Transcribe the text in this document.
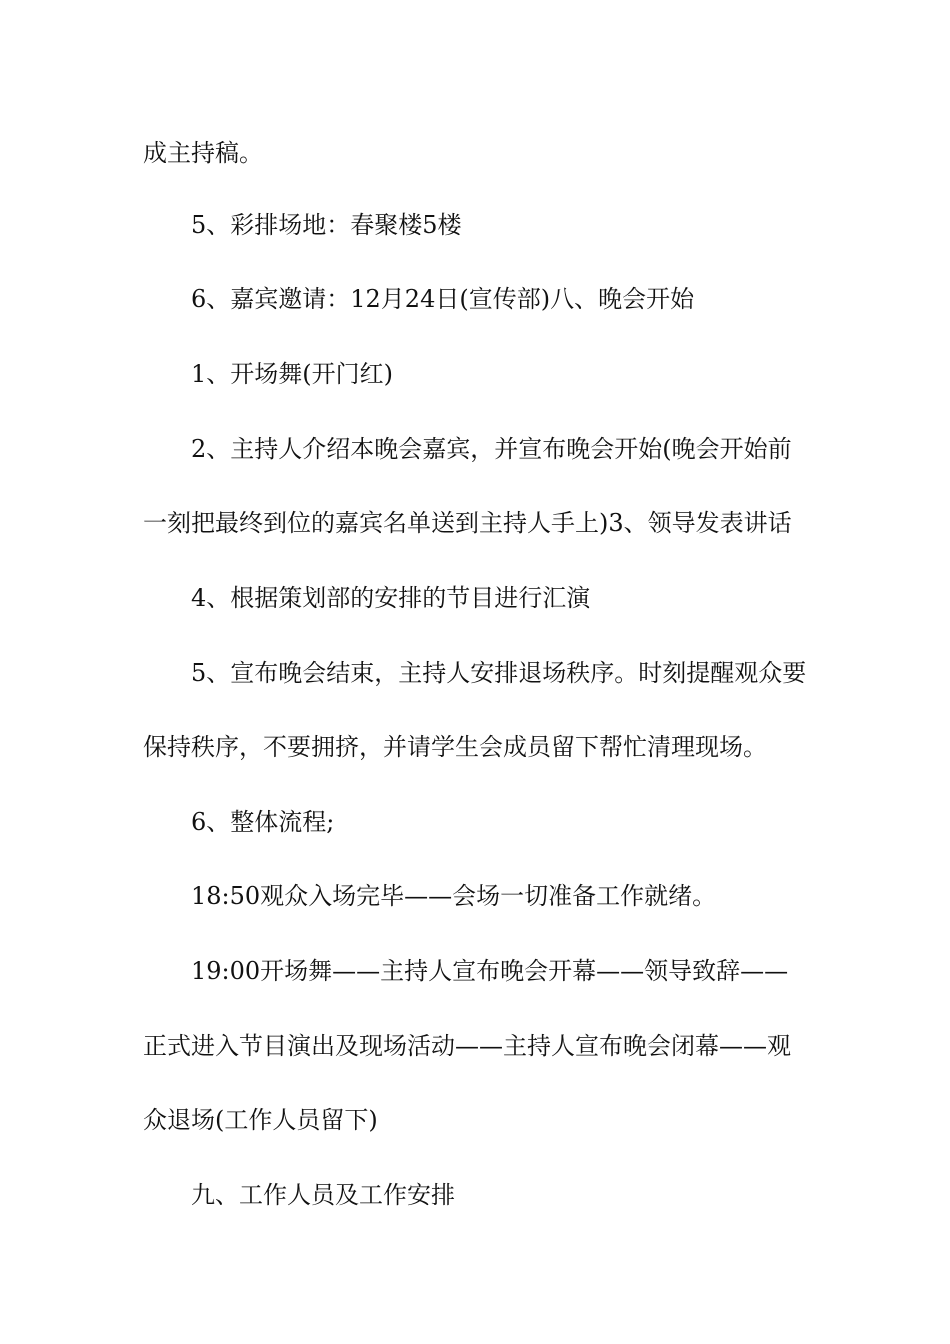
成主持稿。
5、彩排场地：春聚楼5楼
6、嘉宾邀请：12月24日(宣传部)八、晚会开始
1、开场舞(开门红)
2、主持人介绍本晚会嘉宾，并宣布晚会开始(晚会开始前
一刻把最终到位的嘉宾名单送到主持人手上)3、领导发表讲话
4、根据策划部的安排的节目进行汇演
5、宣布晚会结束，主持人安排退场秩序。时刻提醒观众要
保持秩序，不要拥挤，并请学生会成员留下帮忙清理现场。
6、整体流程;
18:50观众入场完毕——会场一切准备工作就绪。
19:00开场舞——主持人宣布晚会开幕——领导致辞——
正式进入节目演出及现场活动——主持人宣布晚会闭幕——观
众退场(工作人员留下)
九、工作人员及工作安排
